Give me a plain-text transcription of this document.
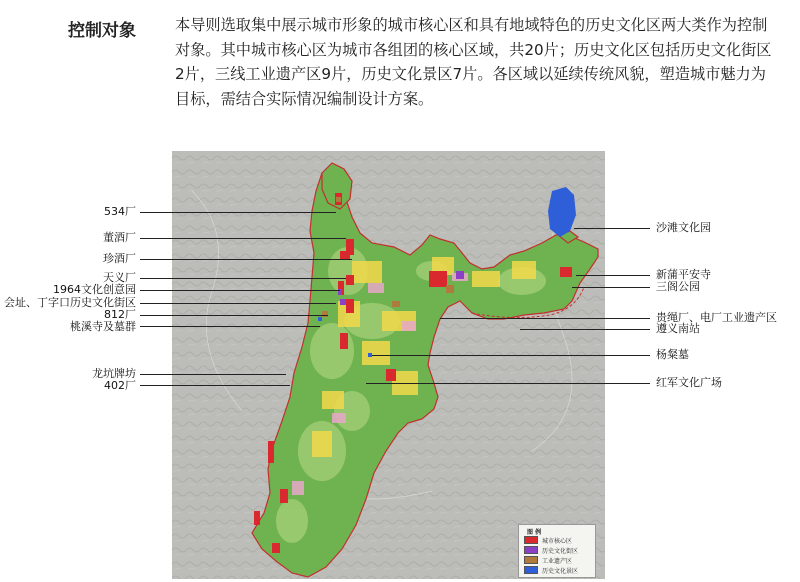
控制对象	本导则选取集中展示城市形象的城市核心区和具有地域特色的历史文化区两大类作为控制对象。其中城市核心区为城市各组团的核心区域，共20片；历史文化区包括历史文化街区2片，三线工业遗产区9片，历史文化景区7片。各区域以延续传统风貌，塑造城市魅力为目标，需结合实际情况编制设计方案。
534厂
董酒厂
珍酒厂
天义厂
1964文化创意园
会址、丁字口历史文化街区
812厂
桃溪寺及墓群
龙坑牌坊
402厂
沙滩文化园
新蒲平安寺
三阁公园
贵绳厂、电厂工业遗产区
遵义南站
杨粲墓
红军文化广场
图 例
城市核心区
历史文化街区
工业遗产区
历史文化景区
